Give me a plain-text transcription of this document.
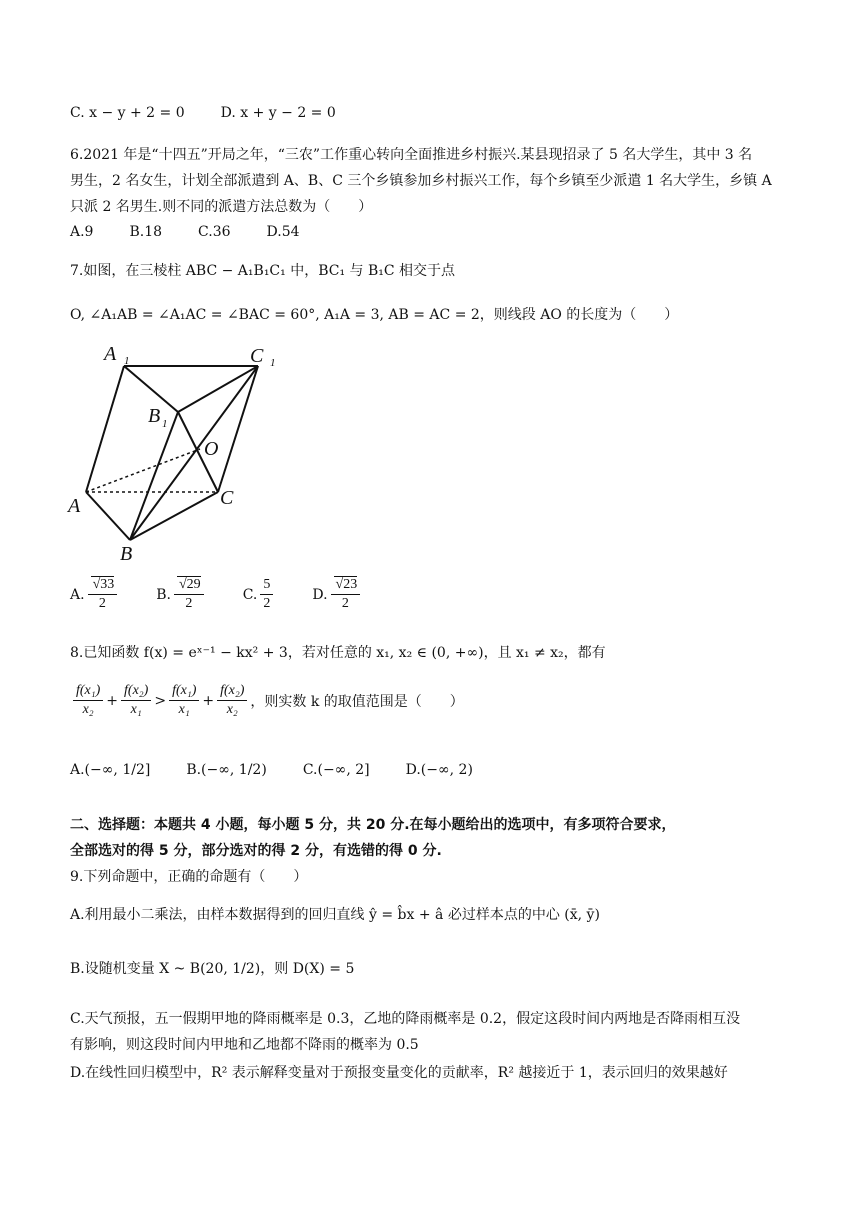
C. x − y + 2 = 0	D. x + y − 2 = 0
6.2021 年是“十四五”开局之年，“三农”工作重心转向全面推进乡村振兴.某县现招录了 5 名大学生，其中 3 名
男生，2 名女生，计划全部派遣到 A、B、C 三个乡镇参加乡村振兴工作，每个乡镇至少派遣 1 名大学生，乡镇 A
只派 2 名男生.则不同的派遣方法总数为（　　）
A.9	B.18	C.36	D.54
7.如图，在三棱柱 ABC − A₁B₁C₁ 中，BC₁ 与 B₁C 相交于点
O, ∠A₁AB = ∠A₁AC = ∠BAC = 60°, A₁A = 3, AB = AC = 2，则线段 AO 的长度为（　　）
A 1	C 1
B 1
O
A	C
B
A. $\frac{√33}{2}$	B. $\frac{√29}{2}$	C. $\frac{5}{2}$	D. $\frac{√23}{2}$
8.已知函数 f(x) = eˣ⁻¹ − kx² + 3，若对任意的 x₁, x₂ ∈ (0, +∞)，且 x₁ ≠ x₂，都有
$\frac{\text{f(x₁)}}{\text{x₂}} + \frac{\text{f(x₂)}}{\text{x₁}} > \frac{\text{f(x₁)}}{\text{x₁}} + \frac{\text{f(x₂)}}{\text{x₂}}$ ，则实数 k 的取值范围是（　　）
A.(−∞, 1/2]	B.(−∞, 1/2)	C.(−∞, 2]	D.(−∞, 2)
二、选择题：本题共 4 小题，每小题 5 分，共 20 分.在每小题给出的选项中，有多项符合要求，
全部选对的得 5 分，部分选对的得 2 分，有选错的得 0 分.
9.下列命题中，正确的命题有（　　）
A.利用最小二乘法，由样本数据得到的回归直线 ŷ = b̂x + â 必过样本点的中心 (x̄, ȳ)
B.设随机变量 X ~ B(20, 1/2)，则 D(X) = 5
C.天气预报，五一假期甲地的降雨概率是 0.3，乙地的降雨概率是 0.2，假定这段时间内两地是否降雨相互没
有影响，则这段时间内甲地和乙地都不降雨的概率为 0.5
D.在线性回归模型中，R² 表示解释变量对于预报变量变化的贡献率，R² 越接近于 1，表示回归的效果越好
